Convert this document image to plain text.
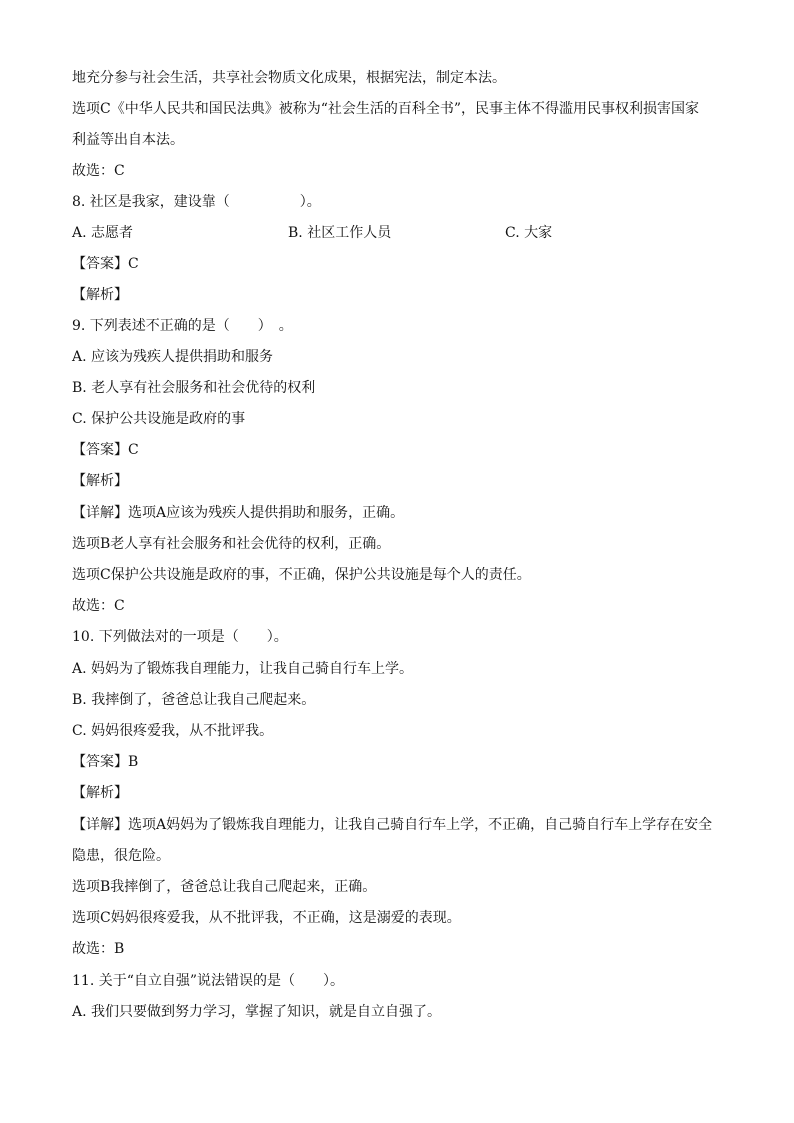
地充分参与社会生活，共享社会物质文化成果，根据宪法，制定本法。
选项C《中华人民共和国民法典》被称为“社会生活的百科全书”，民事主体不得滥用民事权利损害国家
利益等出自本法。
故选：C
8. 社区是我家，建设靠（　　　　　）。
A. 志愿者	B. 社区工作人员	C. 大家
【答案】C
【解析】
9. 下列表述不正确的是（　　）　。
A. 应该为残疾人提供捐助和服务
B. 老人享有社会服务和社会优待的权利
C. 保护公共设施是政府的事
【答案】C
【解析】
【详解】选项A应该为残疾人提供捐助和服务，正确。
选项B老人享有社会服务和社会优待的权利，正确。
选项C保护公共设施是政府的事，不正确，保护公共设施是每个人的责任。
故选：C
10. 下列做法对的一项是（　　）。
A. 妈妈为了锻炼我自理能力，让我自己骑自行车上学。
B. 我摔倒了，爸爸总让我自己爬起来。
C. 妈妈很疼爱我，从不批评我。
【答案】B
【解析】
【详解】选项A妈妈为了锻炼我自理能力，让我自己骑自行车上学，不正确，自己骑自行车上学存在安全
隐患，很危险。
选项B我摔倒了，爸爸总让我自己爬起来，正确。
选项C妈妈很疼爱我，从不批评我，不正确，这是溺爱的表现。
故选：B
11. 关于“自立自强”说法错误的是（　　）。
A. 我们只要做到努力学习，掌握了知识，就是自立自强了。
